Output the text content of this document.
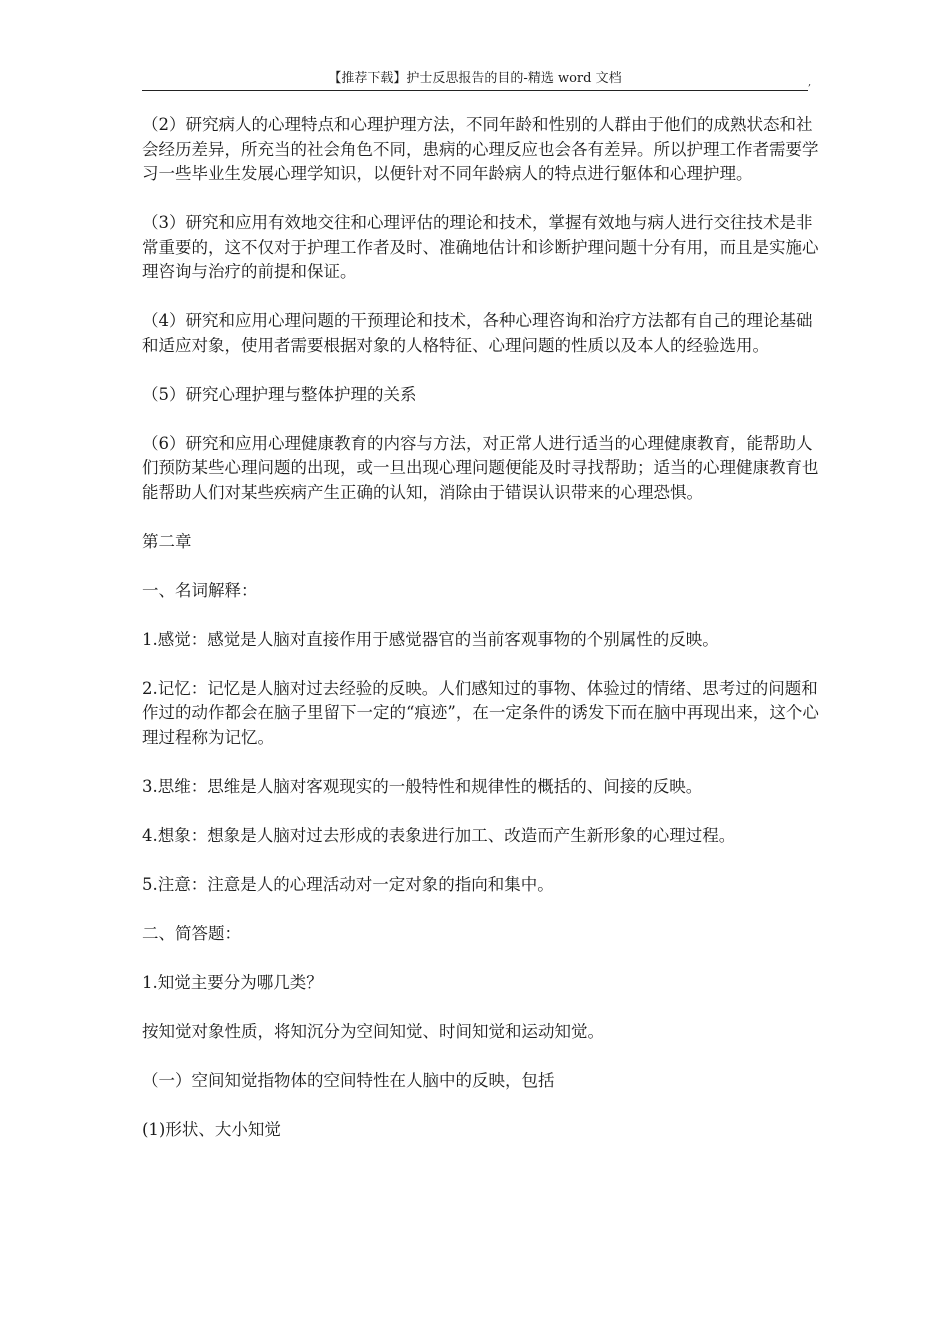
【推荐下载】护士反思报告的目的-精选 word 文档	,

（2）研究病人的心理特点和心理护理方法，不同年龄和性别的人群由于他们的成熟状态和社会经历差异，所充当的社会角色不同，患病的心理反应也会各有差异。所以护理工作者需要学习一些毕业生发展心理学知识，以便针对不同年龄病人的特点进行躯体和心理护理。

（3）研究和应用有效地交往和心理评估的理论和技术，掌握有效地与病人进行交往技术是非常重要的，这不仅对于护理工作者及时、准确地估计和诊断护理问题十分有用，而且是实施心理咨询与治疗的前提和保证。

（4）研究和应用心理问题的干预理论和技术，各种心理咨询和治疗方法都有自己的理论基础和适应对象，使用者需要根据对象的人格特征、心理问题的性质以及本人的经验选用。

（5）研究心理护理与整体护理的关系

（6）研究和应用心理健康教育的内容与方法，对正常人进行适当的心理健康教育，能帮助人们预防某些心理问题的出现，或一旦出现心理问题便能及时寻找帮助；适当的心理健康教育也能帮助人们对某些疾病产生正确的认知，消除由于错误认识带来的心理恐惧。

第二章

一、名词解释：

1.感觉：感觉是人脑对直接作用于感觉器官的当前客观事物的个别属性的反映。

2.记忆：记忆是人脑对过去经验的反映。人们感知过的事物、体验过的情绪、思考过的问题和作过的动作都会在脑子里留下一定的“痕迹”，在一定条件的诱发下而在脑中再现出来，这个心理过程称为记忆。

3.思维：思维是人脑对客观现实的一般特性和规律性的概括的、间接的反映。

4.想象：想象是人脑对过去形成的表象进行加工、改造而产生新形象的心理过程。

5.注意：注意是人的心理活动对一定对象的指向和集中。

二、简答题：

1.知觉主要分为哪几类？

按知觉对象性质，将知沉分为空间知觉、时间知觉和运动知觉。

（一）空间知觉指物体的空间特性在人脑中的反映，包括

(1)形状、大小知觉
